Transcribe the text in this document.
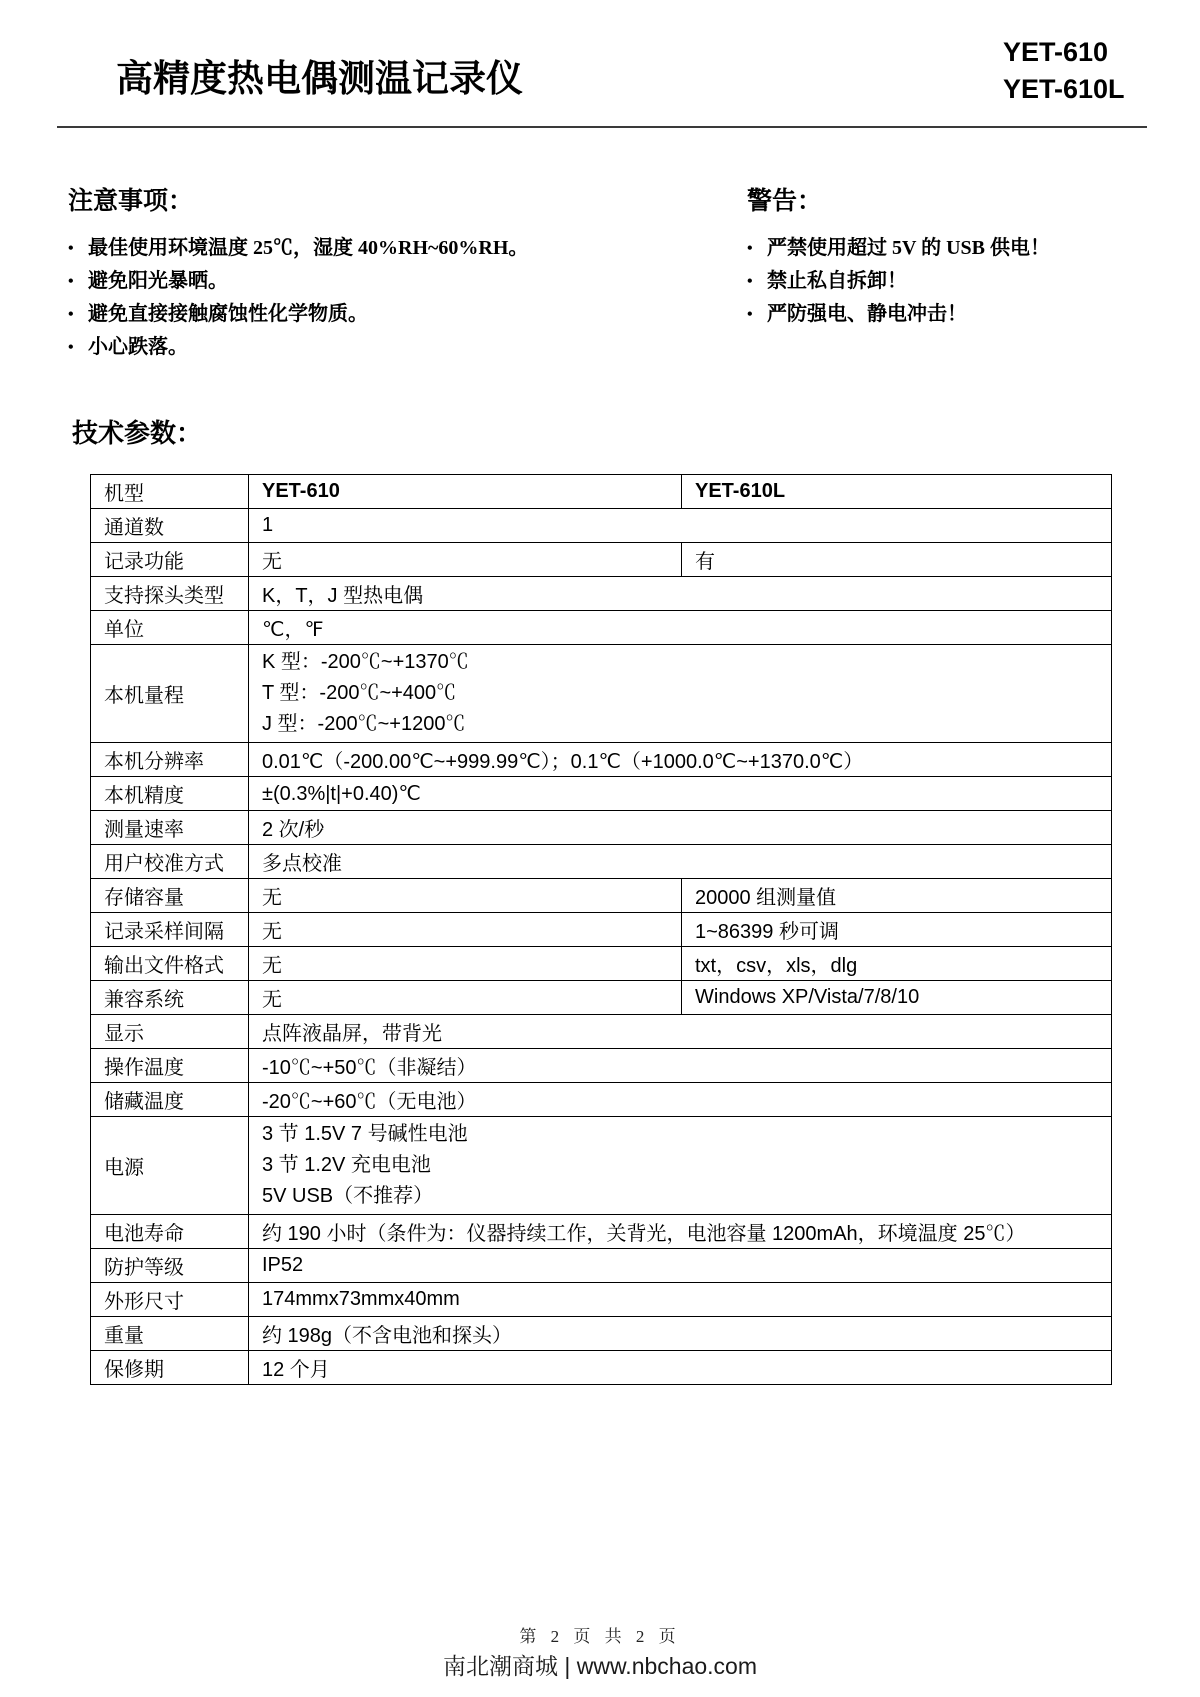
高精度热电偶测温记录仪
YET-610
YET-610L
注意事项：
• 最佳使用环境温度 25℃，湿度 40%RH~60%RH。
• 避免阳光暴晒。
• 避免直接接触腐蚀性化学物质。
• 小心跌落。
警告：
• 严禁使用超过 5V 的 USB 供电！
• 禁止私自拆卸！
• 严防强电、静电冲击！
技术参数：
机型	YET-610	YET-610L
通道数	1	
记录功能	无	有
支持探头类型	K，T，J 型热电偶	
单位	℃，℉	
本机量程	K 型：-200℃~+1370℃
T 型：-200℃~+400℃
J 型：-200℃~+1200℃	

本机分辨率	0.01℃（-200.00℃~+999.99℃）；0.1℃（+1000.0℃~+1370.0℃）	
本机精度	±(0.3%|t|+0.40)℃	
测量速率	2 次/秒	
用户校准方式	多点校准	
存储容量	无	20000 组测量值
记录采样间隔	无	1~86399 秒可调
输出文件格式	无	txt，csv，xls，dlg
兼容系统	无	Windows XP/Vista/7/8/10
显示	点阵液晶屏，带背光	
操作温度	-10℃~+50℃（非凝结）	
储藏温度	-20℃~+60℃（无电池）	
电源	3 节 1.5V 7 号碱性电池
3 节 1.2V 充电电池
5V USB（不推荐）	

电池寿命	约 190 小时（条件为：仪器持续工作，关背光，电池容量 1200mAh，环境温度 25℃）	
防护等级	IP52	
外形尺寸	174mmx73mmx40mm	
重量	约 198g（不含电池和探头）	
保修期	12 个月	
第 2 页 共 2 页
南北潮商城 | www.nbchao.com
